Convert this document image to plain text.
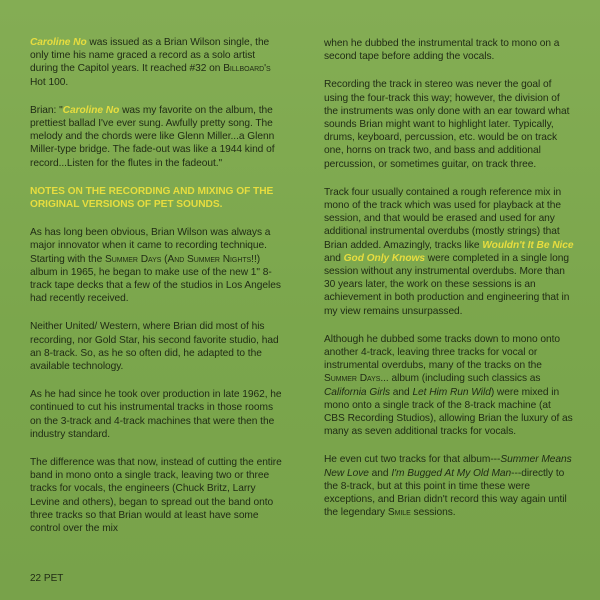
Caroline No was issued as a Brian Wilson single, the only time his name graced a record as a solo artist during the Capitol years. It reached #32 on Billboard's Hot 100.

Brian: "Caroline No was my favorite on the album, the prettiest ballad I've ever sung. Awfully pretty song. The melody and the chords were like Glenn Miller...a Glenn Miller-type bridge. The fade-out was like a 1944 kind of record...Listen for the flutes in the fadeout."

NOTES ON THE RECORDING AND MIXING OF THE ORIGINAL VERSIONS OF PET SOUNDS.

As has long been obvious, Brian Wilson was always a major innovator when it came to recording technique. Starting with the Summer Days (And Summer Nights!!) album in 1965, he began to make use of the new 1" 8-track tape decks that a few of the studios in Los Angeles had recently received.

Neither United/ Western, where Brian did most of his recording, nor Gold Star, his second favorite studio, had an 8-track. So, as he so often did, he adapted to the available technology.

As he had since he took over production in late 1962, he continued to cut his instrumental tracks in those rooms on the 3-track and 4-track machines that were then the industry standard.

The difference was that now, instead of cutting the entire band in mono onto a single track, leaving two or three tracks for vocals, the engineers (Chuck Britz, Larry Levine and others), began to spread out the band onto three tracks so that Brian would at least have some control over the mix

when he dubbed the instrumental track to mono on a second tape before adding the vocals.

Recording the track in stereo was never the goal of using the four-track this way; however, the division of the instruments was only done with an ear toward what sounds Brian might want to highlight later. Typically, drums, keyboard, percussion, etc. would be on track one, horns on track two, and bass and additional percussion, or sometimes guitar, on track three.

Track four usually contained a rough reference mix in mono of the track which was used for playback at the session, and that would be erased and used for any additional instrumental overdubs (mostly strings) that Brian added. Amazingly, tracks like Wouldn't It Be Nice and God Only Knows were completed in a single long session without any instrumental overdubs. More than 30 years later, the work on these sessions is an achievement in both production and engineering that in my view remains unsurpassed.

Although he dubbed some tracks down to mono onto another 4-track, leaving three tracks for vocal or instrumental overdubs, many of the tracks on the Summer Days... album (including such classics as California Girls and Let Him Run Wild) were mixed in mono onto a single track of the 8-track machine (at CBS Recording Studios), allowing Brian the luxury of as many as seven additional tracks for vocals.

He even cut two tracks for that album---Summer Means New Love and I'm Bugged At My Old Man---directly to the 8-track, but at this point in time these were exceptions, and Brian didn't record this way again until the legendary Smile sessions.

22 PET
